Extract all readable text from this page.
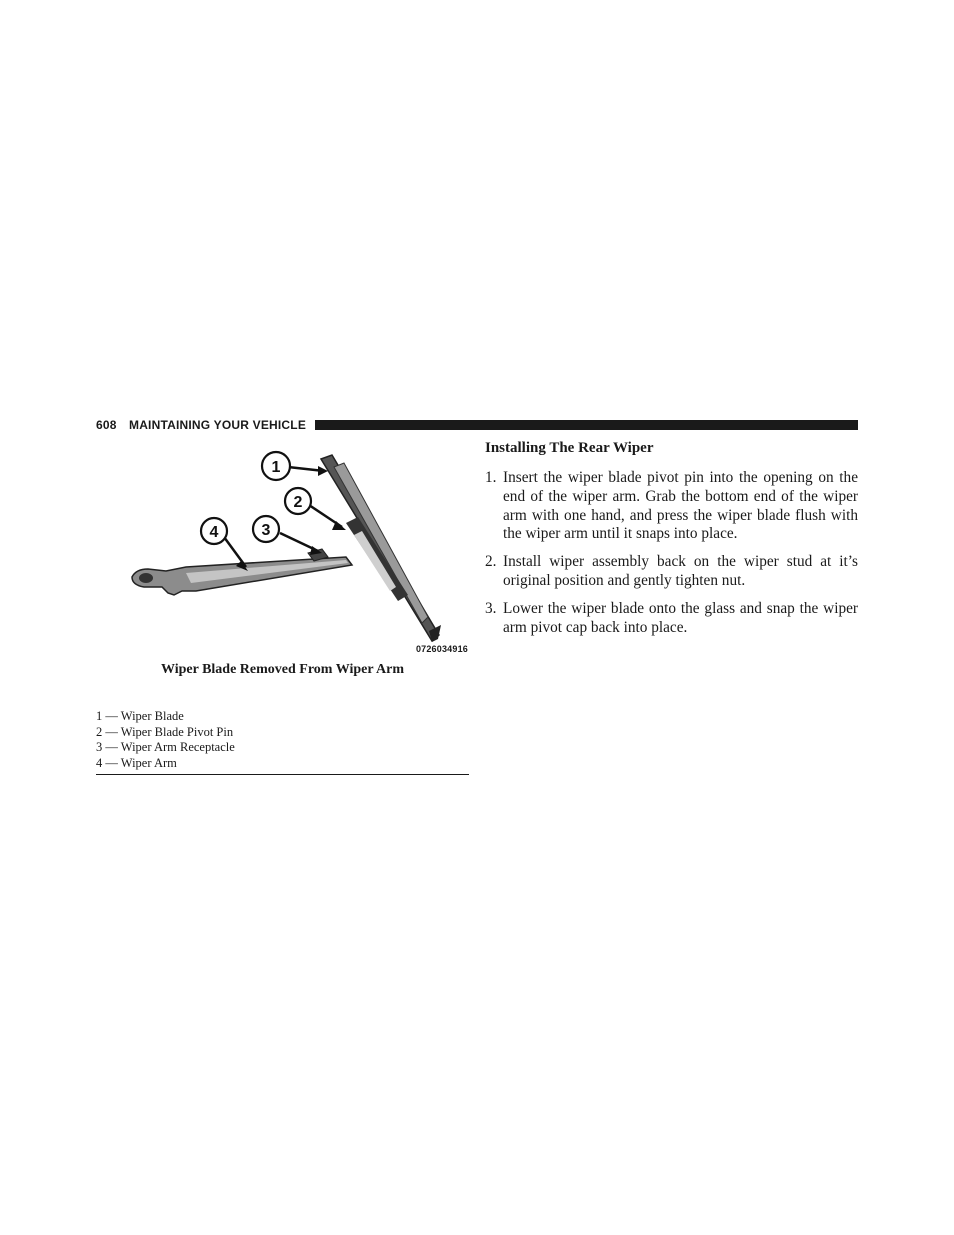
608 MAINTAINING YOUR VEHICLE
1
2
3
4
0726034916
Wiper Blade Removed From Wiper Arm
1 — Wiper Blade
2 — Wiper Blade Pivot Pin
3 — Wiper Arm Receptacle
4 — Wiper Arm
Installing The Rear Wiper
1. Insert the wiper blade pivot pin into the opening on the end of the wiper arm. Grab the bottom end of the wiper arm with one hand, and press the wiper blade flush with the wiper arm until it snaps into place.
2. Install wiper assembly back on the wiper stud at it’s original position and gently tighten nut.
3. Lower the wiper blade onto the glass and snap the wiper arm pivot cap back into place.
